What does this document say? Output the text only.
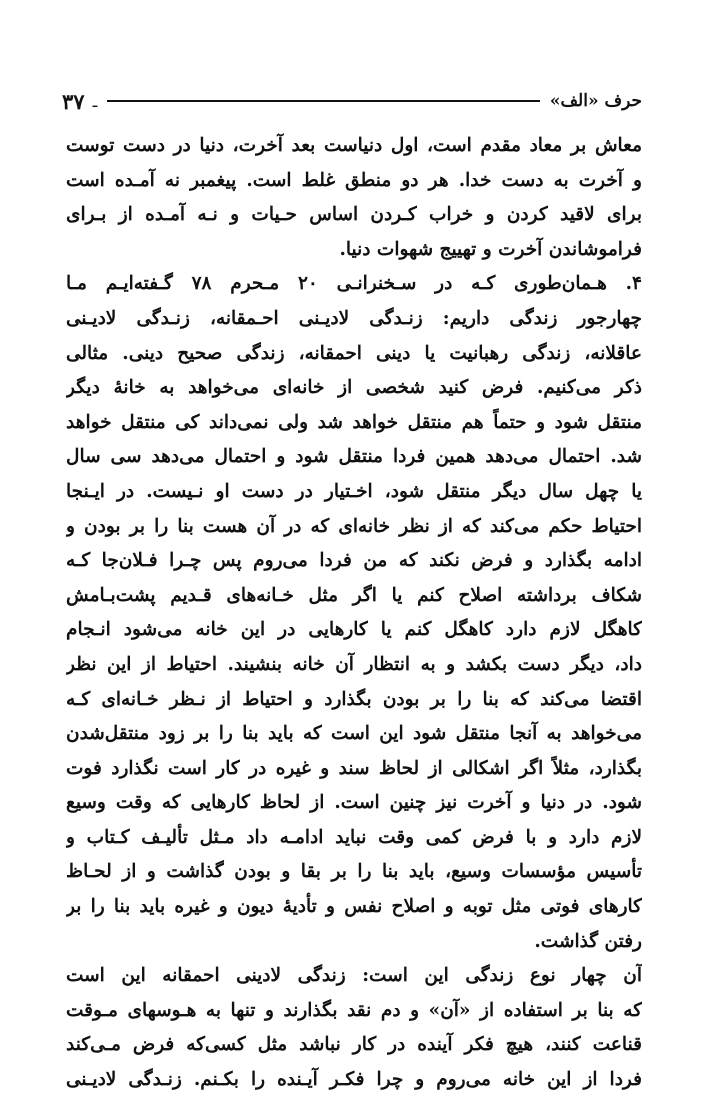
حرف «الف»
ـ
۳۷
معاش بر معاد مقدم است، اول دنیاست بعد آخرت، دنیا در دست توست
و آخرت به دست خدا. هر دو منطق غلط است. پیغمبر نه آمـده است
برای لاقید کردن و خراب کـردن اساس حـیات و نـه آمـده از بـرای
فراموشاندن آخرت و تهییج شهوات دنیا.
۴. هـمان‌طوری کـه در سـخنرانـی ۲۰ مـحرم ۷۸ گـفته‌ایـم مـا
چهارجور زندگی داریم: زنـدگی لادیـنی احـمقانه، زنـدگی لادیـنی
عاقلانه، زندگی رهبانیت یا دینی احمقانه، زندگی صحیح دینی. مثالی
ذکر می‌کنیم. فرض کنید شخصی از خانه‌ای می‌خواهد به خانۀ دیگر
منتقل شود و حتماً هم منتقل خواهد شد ولی نمی‌داند کی منتقل خواهد
شد. احتمال می‌دهد همین فردا منتقل شود و احتمال می‌دهد سی سال
یا چهل سال دیگر منتقل شود، اخـتیار در دست او نـیست. در ایـنجا
احتیاط حکم می‌کند که از نظر خانه‌ای که در آن هست بنا را بر بودن و
ادامه بگذارد و فرض نکند که من فردا می‌روم پس چـرا فـلان‌جا کـه
شکاف برداشته اصلاح کنم یا اگر مثل خـانه‌های قـدیم پشت‌بـامش
کاهگل لازم دارد کاهگل کنم یا کارهایی در این خانه می‌شود انـجام
داد، دیگر دست بکشد و به انتظار آن خانه بنشیند. احتیاط از این نظر
اقتضا می‌کند که بنا را بر بودن بگذارد و احتیاط از نـظر خـانه‌ای کـه
می‌خواهد به آنجا منتقل شود این است که باید بنا را بر زود منتقل‌شدن
بگذارد، مثلاً اگر اشکالی از لحاظ سند و غیره در کار است نگذارد فوت
شود. در دنیا و آخرت نیز چنین است. از لحاظ کارهایی که وقت وسیع
لازم دارد و با فرض کمی وقت نباید ادامـه داد مـثل تألیـف کـتاب و
تأسیس مؤسسات وسیع، باید بنا را بر بقا و بودن گذاشت و از لحـاظ
کارهای فوتی مثل توبه و اصلاح نفس و تأدیۀ دیون و غیره باید بنا را بر
رفتن گذاشت.
آن چهار نوع زندگی این است: زندگی لادینی احمقانه این است
که بنا بر استفاده از «آن» و دم نقد بگذارند و تنها به هـوسهای مـوقت
قناعت کنند، هیچ فکر آینده در کار نباشد مثل کسی‌که فرض مـی‌کند
فردا از این خانه می‌روم و چرا فکـر آیـنده را بکـنم. زنـدگی لادیـنی
